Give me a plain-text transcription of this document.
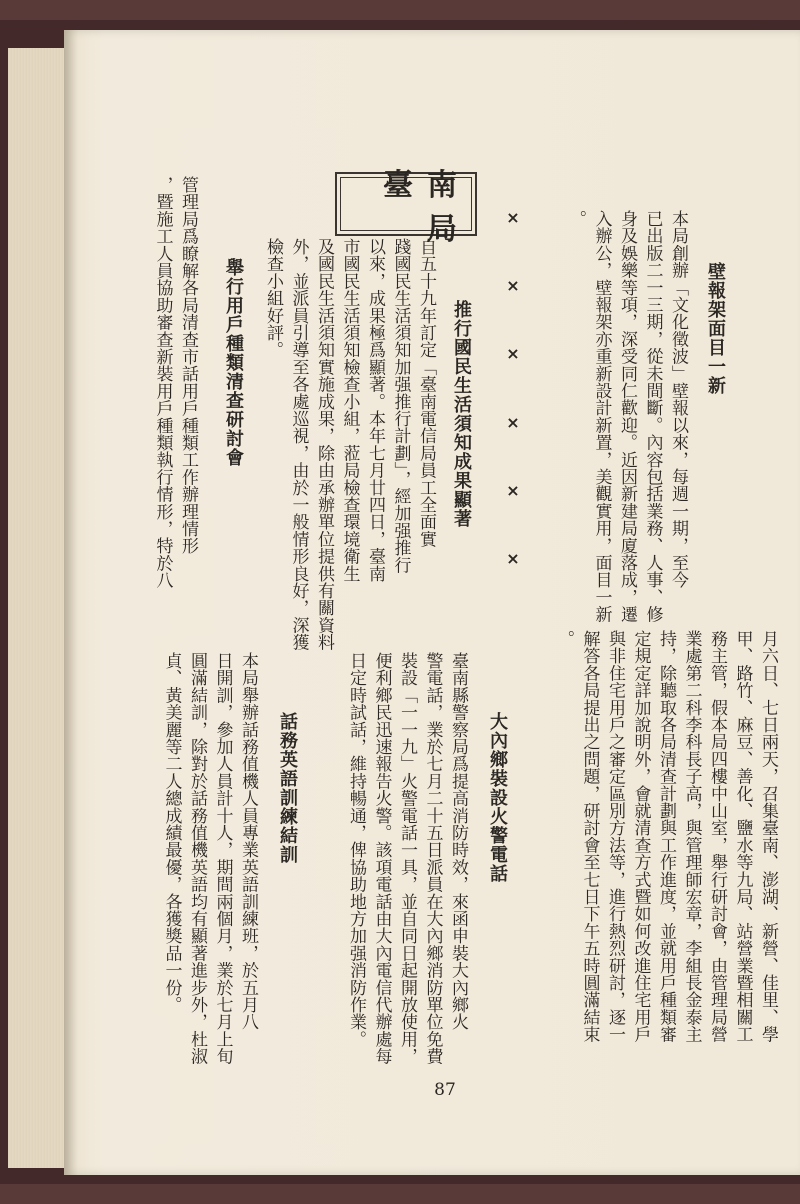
壁報架面目一新
本局創辦「文化徵波」壁報以來，每週一期，至今
已出版二一三期，從未間斷。內容包括業務、人事、修
身及娛樂等項，深受同仁歡迎。近因新建局廈落成，遷
入辦公，壁報架亦重新設計新置，美觀實用，面目一新
。
×
×
×
×
×
×
臺南局
推行國民生活須知成果顯著
自五十九年訂定「臺南電信局員工全面實
踐國民生活須知加强推行計劃」，經加强推行
以來，成果極爲顯著。本年七月廿四日，臺南
市國民生活須知檢查小組，蒞局檢查環境衛生
及國民生活須知實施成果，除由承辦單位提供有關資料
外，並派員引導至各處巡視，由於一般情形良好，深獲
檢查小組好評。
舉行用戶種類清查研討會
管理局爲瞭解各局清查市話用戶種類工作辦理情形
，暨施工人員協助審查新裝用戶種類執行情形，特於八
月六日、七日兩天，召集臺南、澎湖、新營、佳里、學
甲、路竹、麻豆、善化、鹽水等九局、站營業暨相關工
務主管，假本局四樓中山室，舉行研討會，由管理局營
業處第二科李科長子高，與管理師宏章，李組長金泰主
持，除聽取各局清查計劃與工作進度，並就用戶種類審
定規定詳加說明外，會就清查方式暨如何改進住宅用戶
與非住宅用戶之審定區別方法等，進行熱烈研討，逐一
解答各局提出之問題，研討會至七日下午五時圓滿結束
。
大內鄉裝設火警電話
臺南縣警察局爲提高消防時效，來函申裝大內鄉火
警電話，業於七月二十五日派員在大內鄉消防單位免費
裝設「一一九」火警電話一具，並自同日起開放使用，
便利鄉民迅速報告火警。該項電話由大內電信代辦處每
日定時試話，維持暢通，俾協助地方加强消防作業。
話務英語訓練結訓
本局舉辦話務值機人員專業英語訓練班，於五月八
日開訓，參加人員計十人，期間兩個月，業於七月上旬
圓滿結訓，除對於話務值機英語均有顯著進步外，杜淑
貞、黃美麗等二人總成績最優，各獲獎品一份。
87
